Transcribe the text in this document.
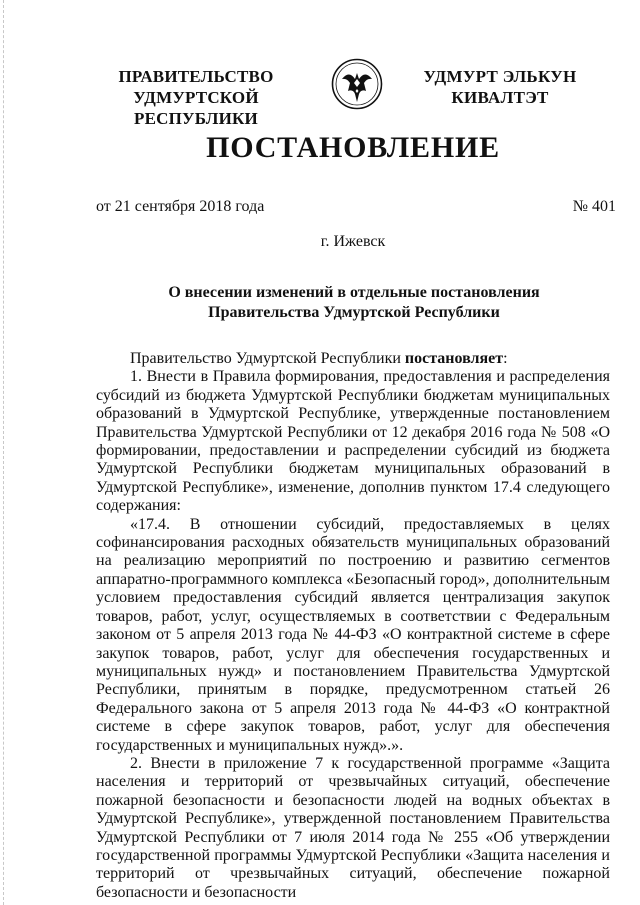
ПРАВИТЕЛЬСТВО
УДМУРТСКОЙ РЕСПУБЛИКИ
УДМУРТ ЭЛЬКУН
КИВАЛТЭТ
ПОСТАНОВЛЕНИЕ
от 21 сентября 2018 года	№ 401
г. Ижевск
О внесении изменений в отдельные постановления
Правительства Удмуртской Республики
Правительство Удмуртской Республики постановляет:

1. Внести в Правила формирования, предоставления и распределения субсидий из бюджета Удмуртской Республики бюджетам муниципальных образований в Удмуртской Республике, утвержденные постановлением Правительства Удмуртской Республики от 12 декабря 2016 года № 508 «О формировании, предоставлении и распределении субсидий из бюджета Удмуртской Республики бюджетам муниципальных образований в Удмуртской Республике», изменение, дополнив пунктом 17.4 следующего содержания:

«17.4. В отношении субсидий, предоставляемых в целях софинансирования расходных обязательств муниципальных образований на реализацию мероприятий по построению и развитию сегментов аппаратно-программного комплекса «Безопасный город», дополнительным условием предоставления субсидий является централизация закупок товаров, работ, услуг, осуществляемых в соответствии с Федеральным законом от 5 апреля 2013 года № 44-ФЗ «О контрактной системе в сфере закупок товаров, работ, услуг для обеспечения государственных и муниципальных нужд» и постановлением Правительства Удмуртской Республики, принятым в порядке, предусмотренном статьей 26 Федерального закона от 5 апреля 2013 года № 44-ФЗ «О контрактной системе в сфере закупок товаров, работ, услуг для обеспечения государственных и муниципальных нужд».».

2. Внести в приложение 7 к государственной программе «Защита населения и территорий от чрезвычайных ситуаций, обеспечение пожарной безопасности и безопасности людей на водных объектах в Удмуртской Республике», утвержденной постановлением Правительства Удмуртской Республики от 7 июля 2014 года № 255 «Об утверждении государственной программы Удмуртской Республики «Защита населения и территорий от чрезвычайных ситуаций, обеспечение пожарной безопасности и безопасности
